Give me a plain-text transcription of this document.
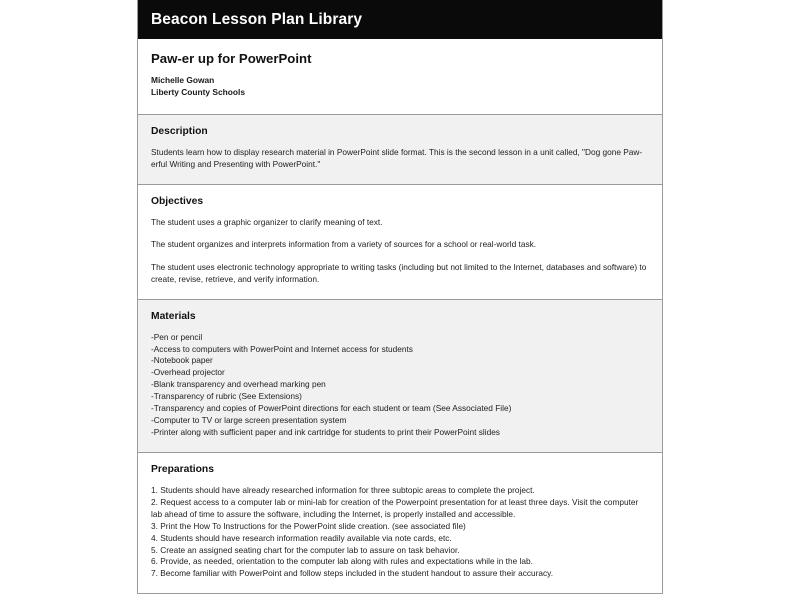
Beacon Lesson Plan Library
Paw-er up for PowerPoint
Michelle Gowan
Liberty County Schools
Description

Students learn how to display research material in PowerPoint slide format. This is the second lesson in a unit called, "Dog gone Paw-erful Writing and Presenting with PowerPoint."

Objectives

The student uses a graphic organizer to clarify meaning of text.

The student organizes and interprets information from a variety of sources for a school or real-world task.

The student uses electronic technology appropriate to writing tasks (including but not limited to the Internet, databases and software) to create, revise, retrieve, and verify information.

Materials
-Pen or pencil
-Access to computers with PowerPoint and Internet access for students
-Notebook paper
-Overhead projector
-Blank transparency and overhead marking pen
-Transparency of rubric (See Extensions)
-Transparency and copies of PowerPoint directions for each student or team (See Associated File)
-Computer to TV or large screen presentation system
-Printer along with sufficient paper and ink cartridge for students to print their PowerPoint slides
Preparations
1. Students should have already researched information for three subtopic areas to complete the project.
2. Request access to a computer lab or mini-lab for creation of the Powerpoint presentation for at least three days. Visit the computer lab ahead of time to assure the software, including the Internet, is properly installed and accessible.
3. Print the How To Instructions for the PowerPoint slide creation. (see associated file)
4. Students should have research information readily available via note cards, etc.
5. Create an assigned seating chart for the computer lab to assure on task behavior.
6. Provide, as needed, orientation to the computer lab along with rules and expectations while in the lab.
7. Become familiar with PowerPoint and follow steps included in the student handout to assure their accuracy.
